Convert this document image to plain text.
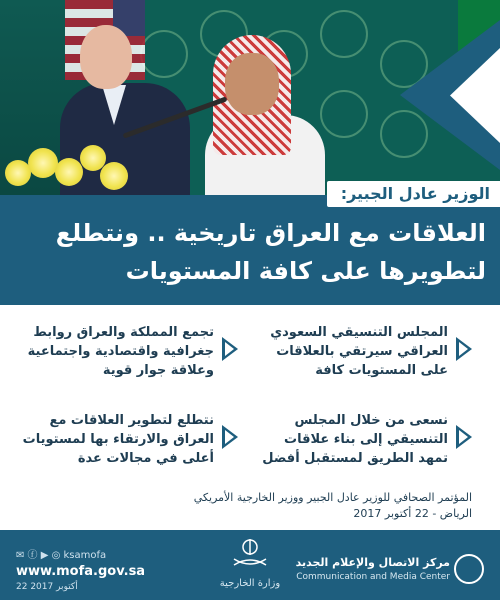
الوزير عادل الجبير:
العلاقات مع العراق تاريخية .. ونتطلع لتطويرها على كافة المستويات
المجلس التنسيقي السعودي العراقي سيرتقي بالعلاقات على المستويات كافة
تجمع المملكة والعراق روابط جغرافية واقتصادية واجتماعية وعلاقة جوار قوية
نسعى من خلال المجلس التنسيقي إلى بناء علاقات تمهد الطريق لمستقبل أفضل
نتطلع لتطوير العلاقات مع العراق والارتقاء بها لمستويات أعلى في مجالات عدة
المؤتمر الصحافي للوزير عادل الجبير ووزير الخارجية الأمريكي
الرياض - 22 أكتوبر 2017
✉ ⓕ ▶ ◎ ksamofa
www.mofa.gov.sa
22 أكتوبر 2017	وزارة الخارجية
مركز الاتصال والإعلام الجديد
Communication and Media Center
